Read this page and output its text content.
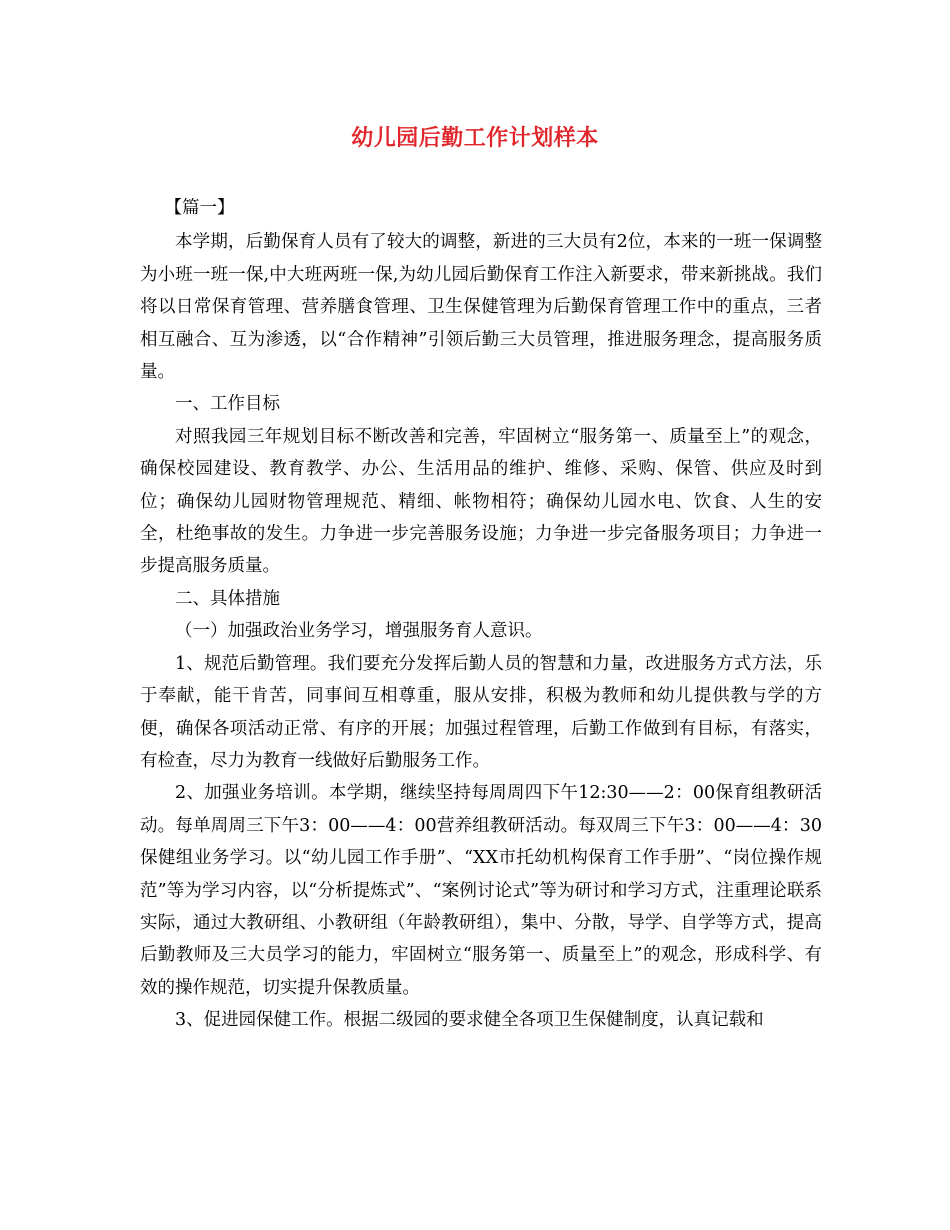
幼儿园后勤工作计划样本

【篇一】

本学期，后勤保育人员有了较大的调整，新进的三大员有2位，本来的一班一保调整为小班一班一保,中大班两班一保,为幼儿园后勤保育工作注入新要求，带来新挑战。我们将以日常保育管理、营养膳食管理、卫生保健管理为后勤保育管理工作中的重点，三者相互融合、互为渗透，以“合作精神”引领后勤三大员管理，推进服务理念，提高服务质量。

一、工作目标

对照我园三年规划目标不断改善和完善，牢固树立“服务第一、质量至上”的观念，确保校园建设、教育教学、办公、生活用品的维护、维修、采购、保管、供应及时到位；确保幼儿园财物管理规范、精细、帐物相符；确保幼儿园水电、饮食、人生的安全，杜绝事故的发生。力争进一步完善服务设施；力争进一步完备服务项目；力争进一步提高服务质量。

二、具体措施

（一）加强政治业务学习，增强服务育人意识。

1、规范后勤管理。我们要充分发挥后勤人员的智慧和力量，改进服务方式方法，乐于奉献，能干肯苦，同事间互相尊重，服从安排，积极为教师和幼儿提供教与学的方便，确保各项活动正常、有序的开展；加强过程管理，后勤工作做到有目标，有落实，有检查，尽力为教育一线做好后勤服务工作。

2、加强业务培训。本学期，继续坚持每周周四下午12:30——2：00保育组教研活动。每单周周三下午3：00——4：00营养组教研活动。每双周三下午3：00——4：30保健组业务学习。以“幼儿园工作手册”、“XX市托幼机构保育工作手册”、“岗位操作规范”等为学习内容，以“分析提炼式”、“案例讨论式”等为研讨和学习方式，注重理论联系实际，通过大教研组、小教研组（年龄教研组），集中、分散，导学、自学等方式，提高后勤教师及三大员学习的能力，牢固树立“服务第一、质量至上”的观念，形成科学、有效的操作规范，切实提升保教质量。

3、促进园保健工作。根据二级园的要求健全各项卫生保健制度，认真记载和
